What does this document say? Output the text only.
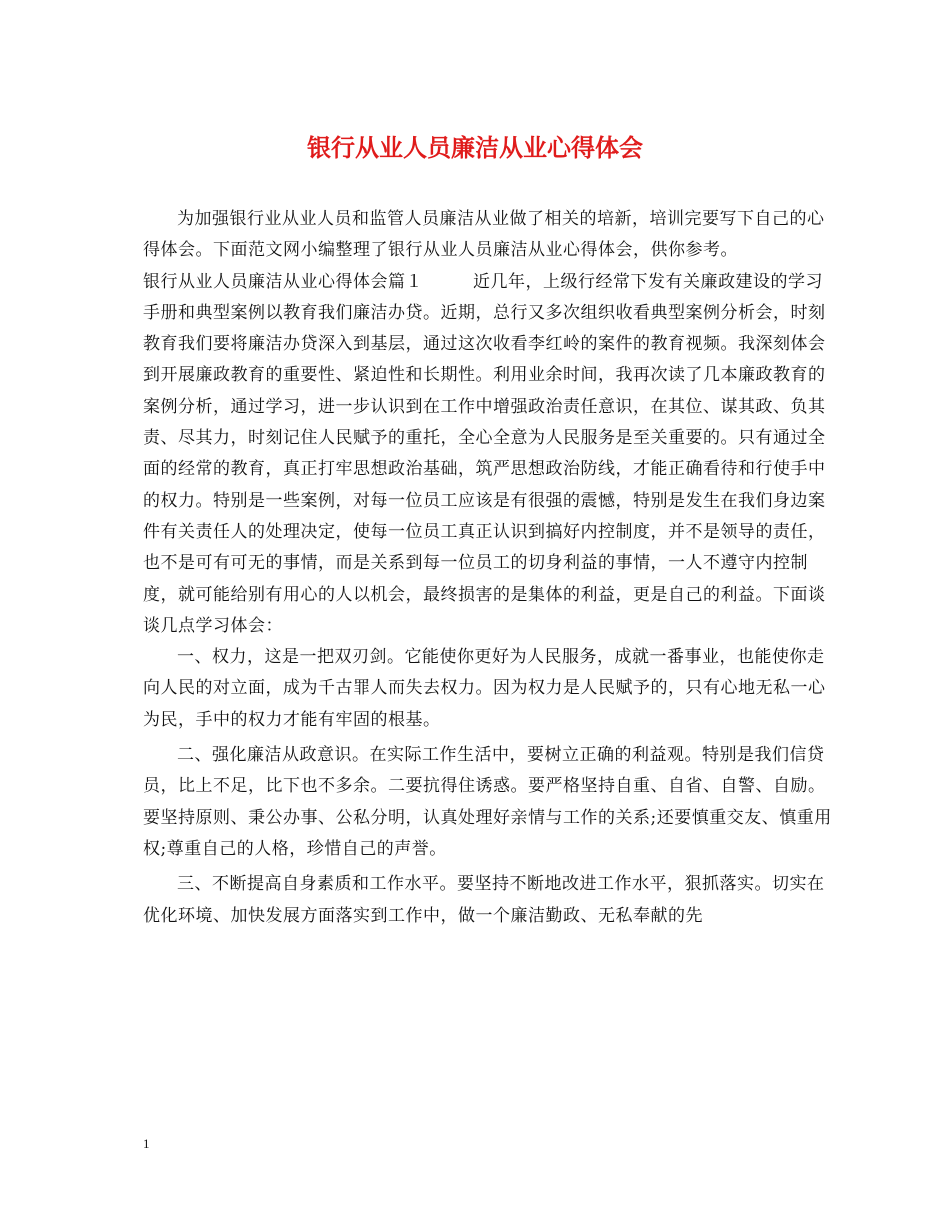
银行从业人员廉洁从业心得体会

为加强银行业从业人员和监管人员廉洁从业做了相关的培新，培训完要写下自己的心得体会。下面范文网小编整理了银行从业人员廉洁从业心得体会，供你参考。

银行从业人员廉洁从业心得体会篇１	近几年，上级行经常下发有关廉政建设的学习手册和典型案例以教育我们廉洁办贷。近期，总行又多次组织收看典型案例分析会，时刻教育我们要将廉洁办贷深入到基层，通过这次收看李红岭的案件的教育视频。我深刻体会到开展廉政教育的重要性、紧迫性和长期性。利用业余时间，我再次读了几本廉政教育的案例分析，通过学习，进一步认识到在工作中增强政治责任意识，在其位、谋其政、负其责、尽其力，时刻记住人民赋予的重托，全心全意为人民服务是至关重要的。只有通过全面的经常的教育，真正打牢思想政治基础，筑严思想政治防线，才能正确看待和行使手中的权力。特别是一些案例，对每一位员工应该是有很强的震憾，特别是发生在我们身边案件有关责任人的处理决定，使每一位员工真正认识到搞好内控制度，并不是领导的责任，也不是可有可无的事情，而是关系到每一位员工的切身利益的事情，一人不遵守内控制度，就可能给别有用心的人以机会，最终损害的是集体的利益，更是自己的利益。下面谈谈几点学习体会：

一、权力，这是一把双刃剑。它能使你更好为人民服务，成就一番事业，也能使你走向人民的对立面，成为千古罪人而失去权力。因为权力是人民赋予的，只有心地无私一心为民，手中的权力才能有牢固的根基。

二、强化廉洁从政意识。在实际工作生活中，要树立正确的利益观。特别是我们信贷员，比上不足，比下也不多余。二要抗得住诱惑。要严格坚持自重、自省、自警、自励。要坚持原则、秉公办事、公私分明，认真处理好亲情与工作的关系;还要慎重交友、慎重用权;尊重自己的人格，珍惜自己的声誉。

三、不断提高自身素质和工作水平。要坚持不断地改进工作水平，狠抓落实。切实在优化环境、加快发展方面落实到工作中，做一个廉洁勤政、无私奉献的先

1
